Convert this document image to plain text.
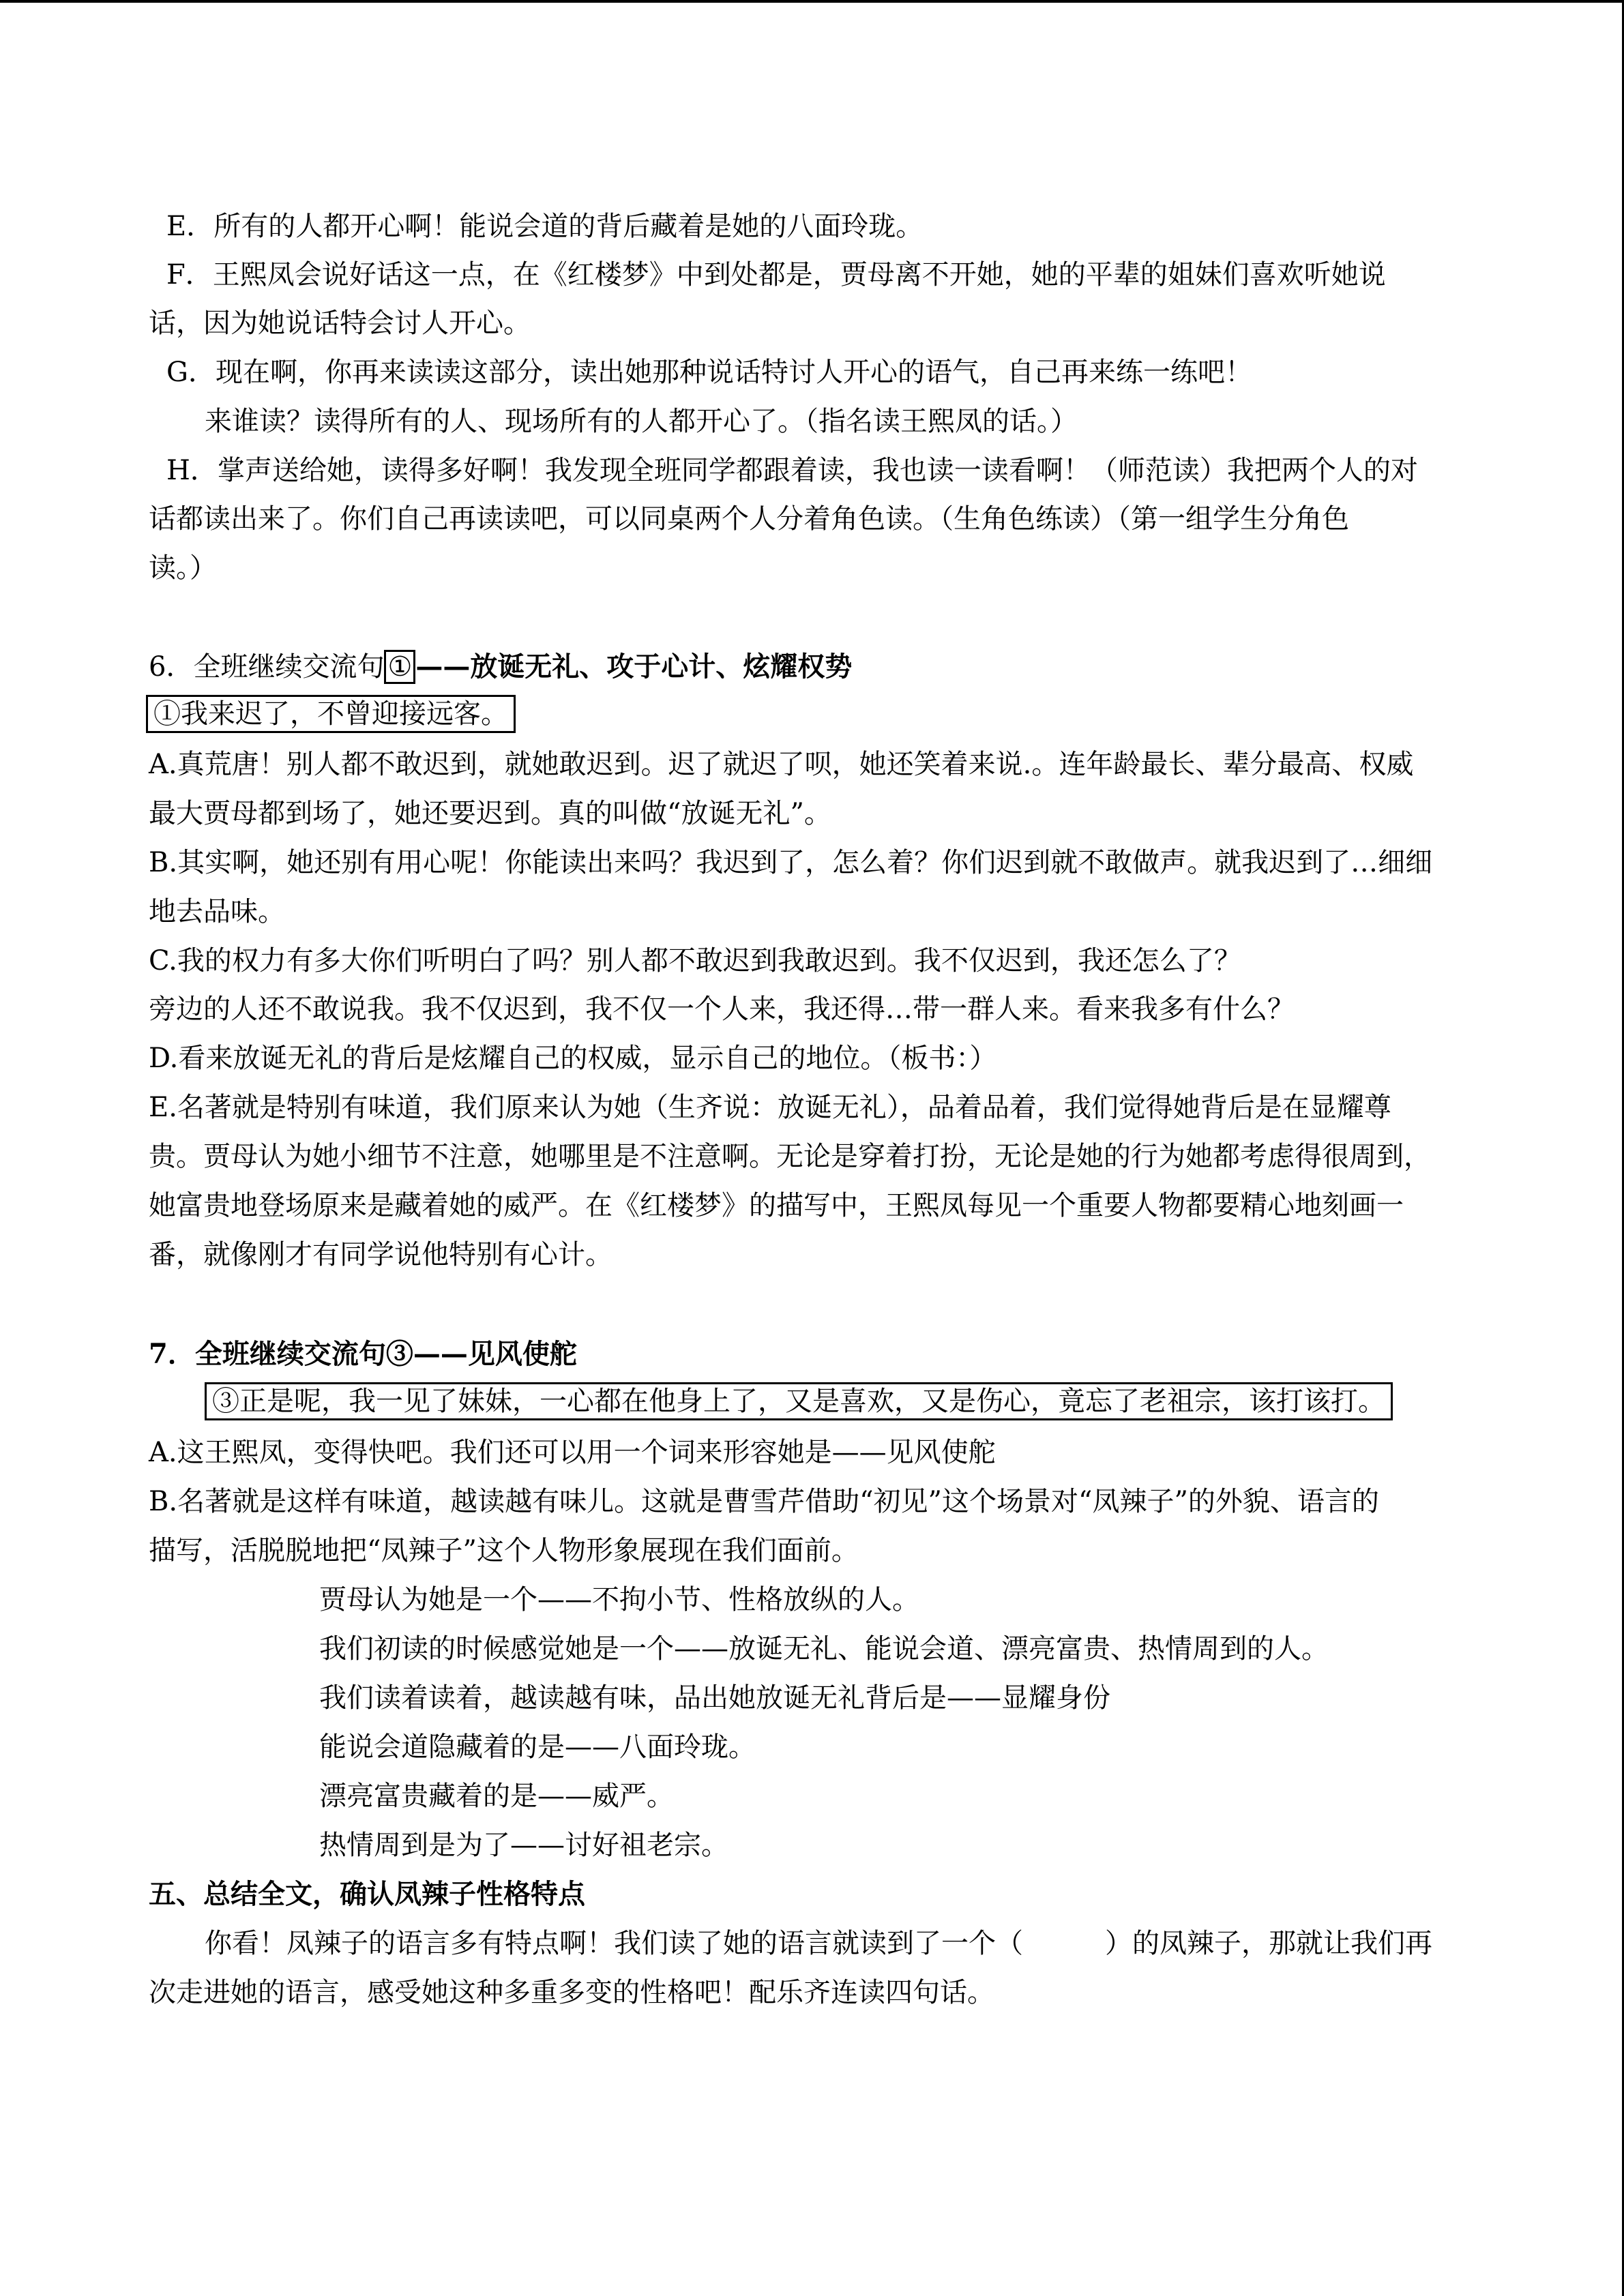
E．所有的人都开心啊！能说会道的背后藏着是她的八面玲珑。
F．王熙凤会说好话这一点，在《红楼梦》中到处都是，贾母离不开她，她的平辈的姐妹们喜欢听她说
话，因为她说话特会讨人开心。
G．现在啊，你再来读读这部分，读出她那种说话特讨人开心的语气，自己再来练一练吧！
来谁读？读得所有的人、现场所有的人都开心了。（指名读王熙凤的话。）
H．掌声送给她，读得多好啊！我发现全班同学都跟着读，我也读一读看啊！（师范读）我把两个人的对
话都读出来了。你们自己再读读吧，可以同桌两个人分着角色读。（生角色练读）（第一组学生分角色
读。）
6．全班继续交流句 ① ——放诞无礼、攻于心计、炫耀权势
①我来迟了，不曾迎接远客。
A.真荒唐！别人都不敢迟到，就她敢迟到。迟了就迟了呗，她还笑着来说.。连年龄最长、辈分最高、权威
最大贾母都到场了，她还要迟到。真的叫做“放诞无礼”。
B.其实啊，她还别有用心呢！你能读出来吗？我迟到了，怎么着？你们迟到就不敢做声。就我迟到了…细细
地去品味。
C.我的权力有多大你们听明白了吗？别人都不敢迟到我敢迟到。我不仅迟到，我还怎么了？
旁边的人还不敢说我。我不仅迟到，我不仅一个人来，我还得…带一群人来。看来我多有什么？
D.看来放诞无礼的背后是炫耀自己的权威，显示自己的地位。（板书：）
E.名著就是特别有味道，我们原来认为她（生齐说：放诞无礼），品着品着，我们觉得她背后是在显耀尊
贵。贾母认为她小细节不注意，她哪里是不注意啊。无论是穿着打扮，无论是她的行为她都考虑得很周到，
她富贵地登场原来是藏着她的威严。在《红楼梦》的描写中，王熙凤每见一个重要人物都要精心地刻画一
番，就像刚才有同学说他特别有心计。
7．全班继续交流句③——见风使舵
③正是呢，我一见了妹妹，一心都在他身上了，又是喜欢，又是伤心，竟忘了老祖宗，该打该打。
A.这王熙凤，变得快吧。我们还可以用一个词来形容她是——见风使舵
B.名著就是这样有味道，越读越有味儿。这就是曹雪芹借助“初见”这个场景对“凤辣子”的外貌、语言的
描写，活脱脱地把“凤辣子”这个人物形象展现在我们面前。
贾母认为她是一个——不拘小节、性格放纵的人。
我们初读的时候感觉她是一个——放诞无礼、能说会道、漂亮富贵、热情周到的人。
我们读着读着，越读越有味，品出她放诞无礼背后是——显耀身份
能说会道隐藏着的是——八面玲珑。
漂亮富贵藏着的是——威严。
热情周到是为了——讨好祖老宗。
五、总结全文，确认凤辣子性格特点
你看！凤辣子的语言多有特点啊！我们读了她的语言就读到了一个（　　　）的凤辣子，那就让我们再
次走进她的语言，感受她这种多重多变的性格吧！配乐齐连读四句话。
